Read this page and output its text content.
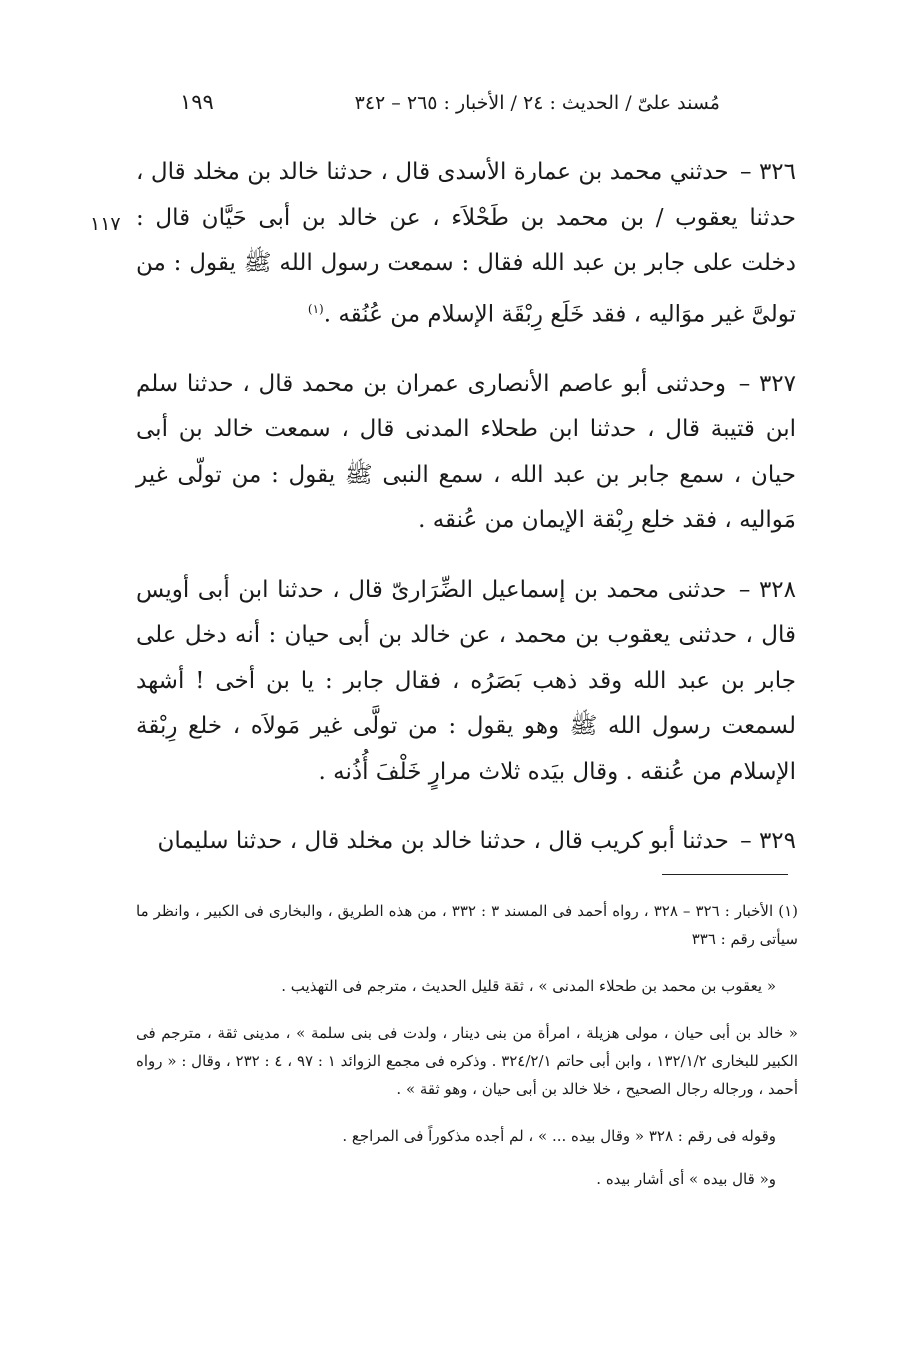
١٩٩	مُسند علىّ / الحديث : ٢٤ / الأخبار : ٢٦٥ – ٣٤٢
١١٧

٣٢٦ – حدثني محمد بن عمارة الأسدى قال ، حدثنا خالد بن مخلد قال ، حدثنا يعقوب / بن محمد بن طَحْلاَء ، عن خالد بن أبى حَيَّان قال : دخلت على جابر بن عبد الله فقال : سمعت رسول الله ﷺ يقول : من تولىَّ غير موَاليه ، فقد خَلَع رِبْقَة الإسلام من عُنُقه .$^{(١)}$

٣٢٧ – وحدثنى أبو عاصم الأنصارى عمران بن محمد قال ، حدثنا سلم ابن قتيبة قال ، حدثنا ابن طحلاء المدنى قال ، سمعت خالد بن أبى حيان ، سمع جابر بن عبد الله ، سمع النبى ﷺ يقول : من تولّى غير مَواليه ، فقد خلع رِبْقة الإيمان من عُنقه .

٣٢٨ – حدثنى محمد بن إسماعيل الضِّرَارىّ قال ، حدثنا ابن أبى أويس قال ، حدثنى يعقوب بن محمد ، عن خالد بن أبى حيان : أنه دخل على جابر بن عبد الله وقد ذهب بَصَرُه ، فقال جابر : يا بن أخى ! أشهد لسمعت رسول الله ﷺ وهو يقول : من تولَّى غير مَولاَه ، خلع رِبْقة الإسلام من عُنقه . وقال بيَده ثلاث مرارٍ خَلْفَ أُذُنه .

٣٢٩ – حدثنا أبو كريب قال ، حدثنا خالد بن مخلد قال ، حدثنا سليمان

(١) الأخبار : ٣٢٦ – ٣٢٨ ، رواه أحمد فى المسند ٣ : ٣٣٢ ، من هذه الطريق ، والبخارى فى الكبير ، وانظر ما سيأتى رقم : ٣٣٦

« يعقوب بن محمد بن طحلاء المدنى » ، ثقة قليل الحديث ، مترجم فى التهذيب .

« خالد بن أبى حيان ، مولى هزيلة ، امرأة من بنى دينار ، ولدت فى بنى سلمة » ، مدينى ثقة ، مترجم فى الكبير للبخارى ١٣٢/١/٢ ، وابن أبى حاتم ٣٢٤/٢/١ . وذكره فى مجمع الزوائد ١ : ٩٧ ، ٤ : ٢٣٢ ، وقال : « رواه أحمد ، ورجاله رجال الصحيح ، خلا خالد بن أبى حيان ، وهو ثقة » .

وقوله فى رقم : ٣٢٨ « وقال بيده ... » ، لم أجده مذكوراً فى المراجع .

و« قال بيده » أى أشار بيده .
